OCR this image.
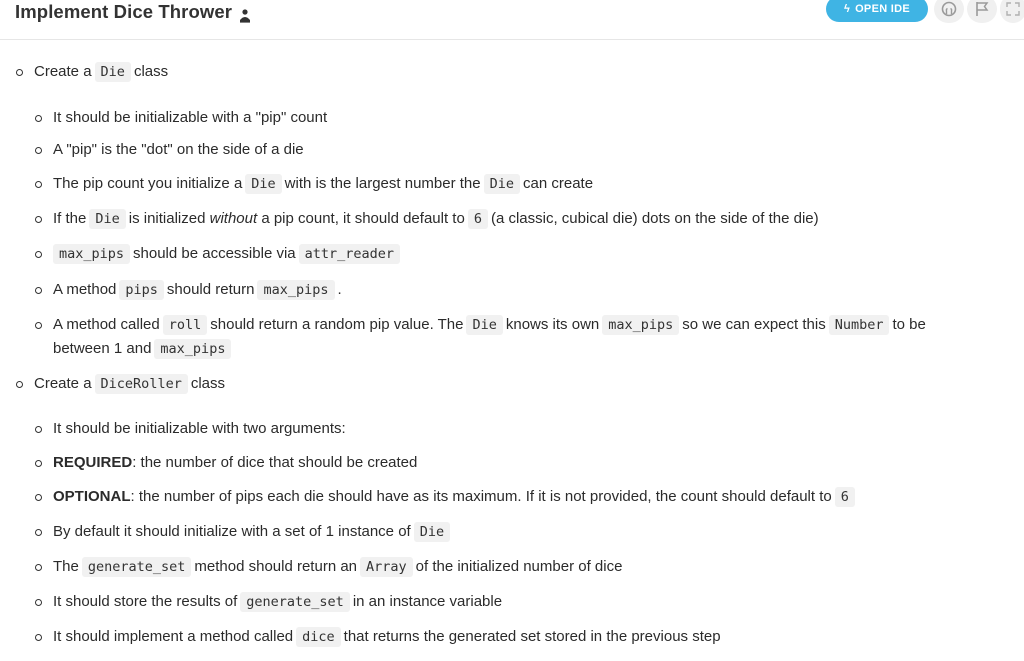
Implement Dice Thrower	ϟ OPEN IDE
Create a Die class
It should be initializable with a "pip" count
A "pip" is the "dot" on the side of a die
The pip count you initialize a Die with is the largest number the Die can create
If the Die is initialized without a pip count, it should default to 6 (a classic, cubical die) dots on the side of the die)
max_pips should be accessible via attr_reader
A method pips should return max_pips .
A method called roll should return a random pip value. The Die knows its own max_pips so we can expect this Number to be
between 1 and max_pips
Create a DiceRoller class
It should be initializable with two arguments:
REQUIRED: the number of dice that should be created
OPTIONAL: the number of pips each die should have as its maximum. If it is not provided, the count should default to 6
By default it should initialize with a set of 1 instance of Die
The generate_set method should return an Array of the initialized number of dice
It should store the results of generate_set in an instance variable
It should implement a method called dice that returns the generated set stored in the previous step
